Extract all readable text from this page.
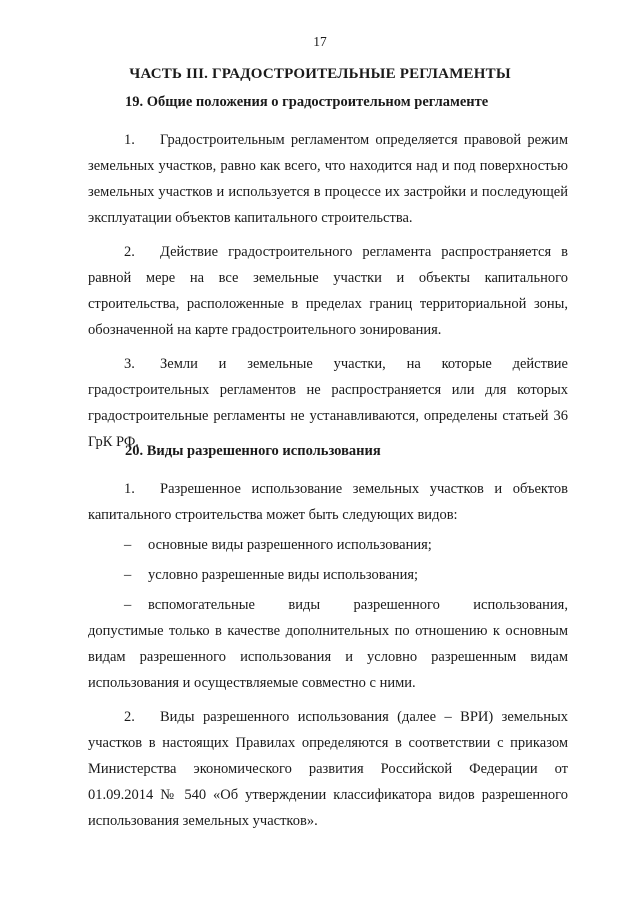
17
ЧАСТЬ III. ГРАДОСТРОИТЕЛЬНЫЕ РЕГЛАМЕНТЫ
19. Общие положения о градостроительном регламенте

1. Градостроительным регламентом определяется правовой режим земельных участков, равно как всего, что находится над и под поверхностью земельных участков и используется в процессе их застройки и последующей эксплуатации объектов капитального строительства.

2. Действие градостроительного регламента распространяется в равной мере на все земельные участки и объекты капитального строительства, расположенные в пределах границ территориальной зоны, обозначенной на карте градостроительного зонирования.

3. Земли и земельные участки, на которые действие градостроительных регламентов не распространяется или для которых градостроительные регламенты не устанавливаются, определены статьей 36 ГрК РФ.

20. Виды разрешенного использования

1. Разрешенное использование земельных участков и объектов капитального строительства может быть следующих видов:

–	основные виды разрешенного использования;
–	условно разрешенные виды использования;
–	вспомогательные виды разрешенного использования,
допустимые только в качестве дополнительных по отношению к основным видам разрешенного использования и условно разрешенным видам использования и осуществляемые совместно с ними.

2. Виды разрешенного использования (далее – ВРИ) земельных участков в настоящих Правилах определяются в соответствии с приказом Министерства экономического развития Российской Федерации от 01.09.2014 № 540 «Об утверждении классификатора видов разрешенного использования земельных участков».
